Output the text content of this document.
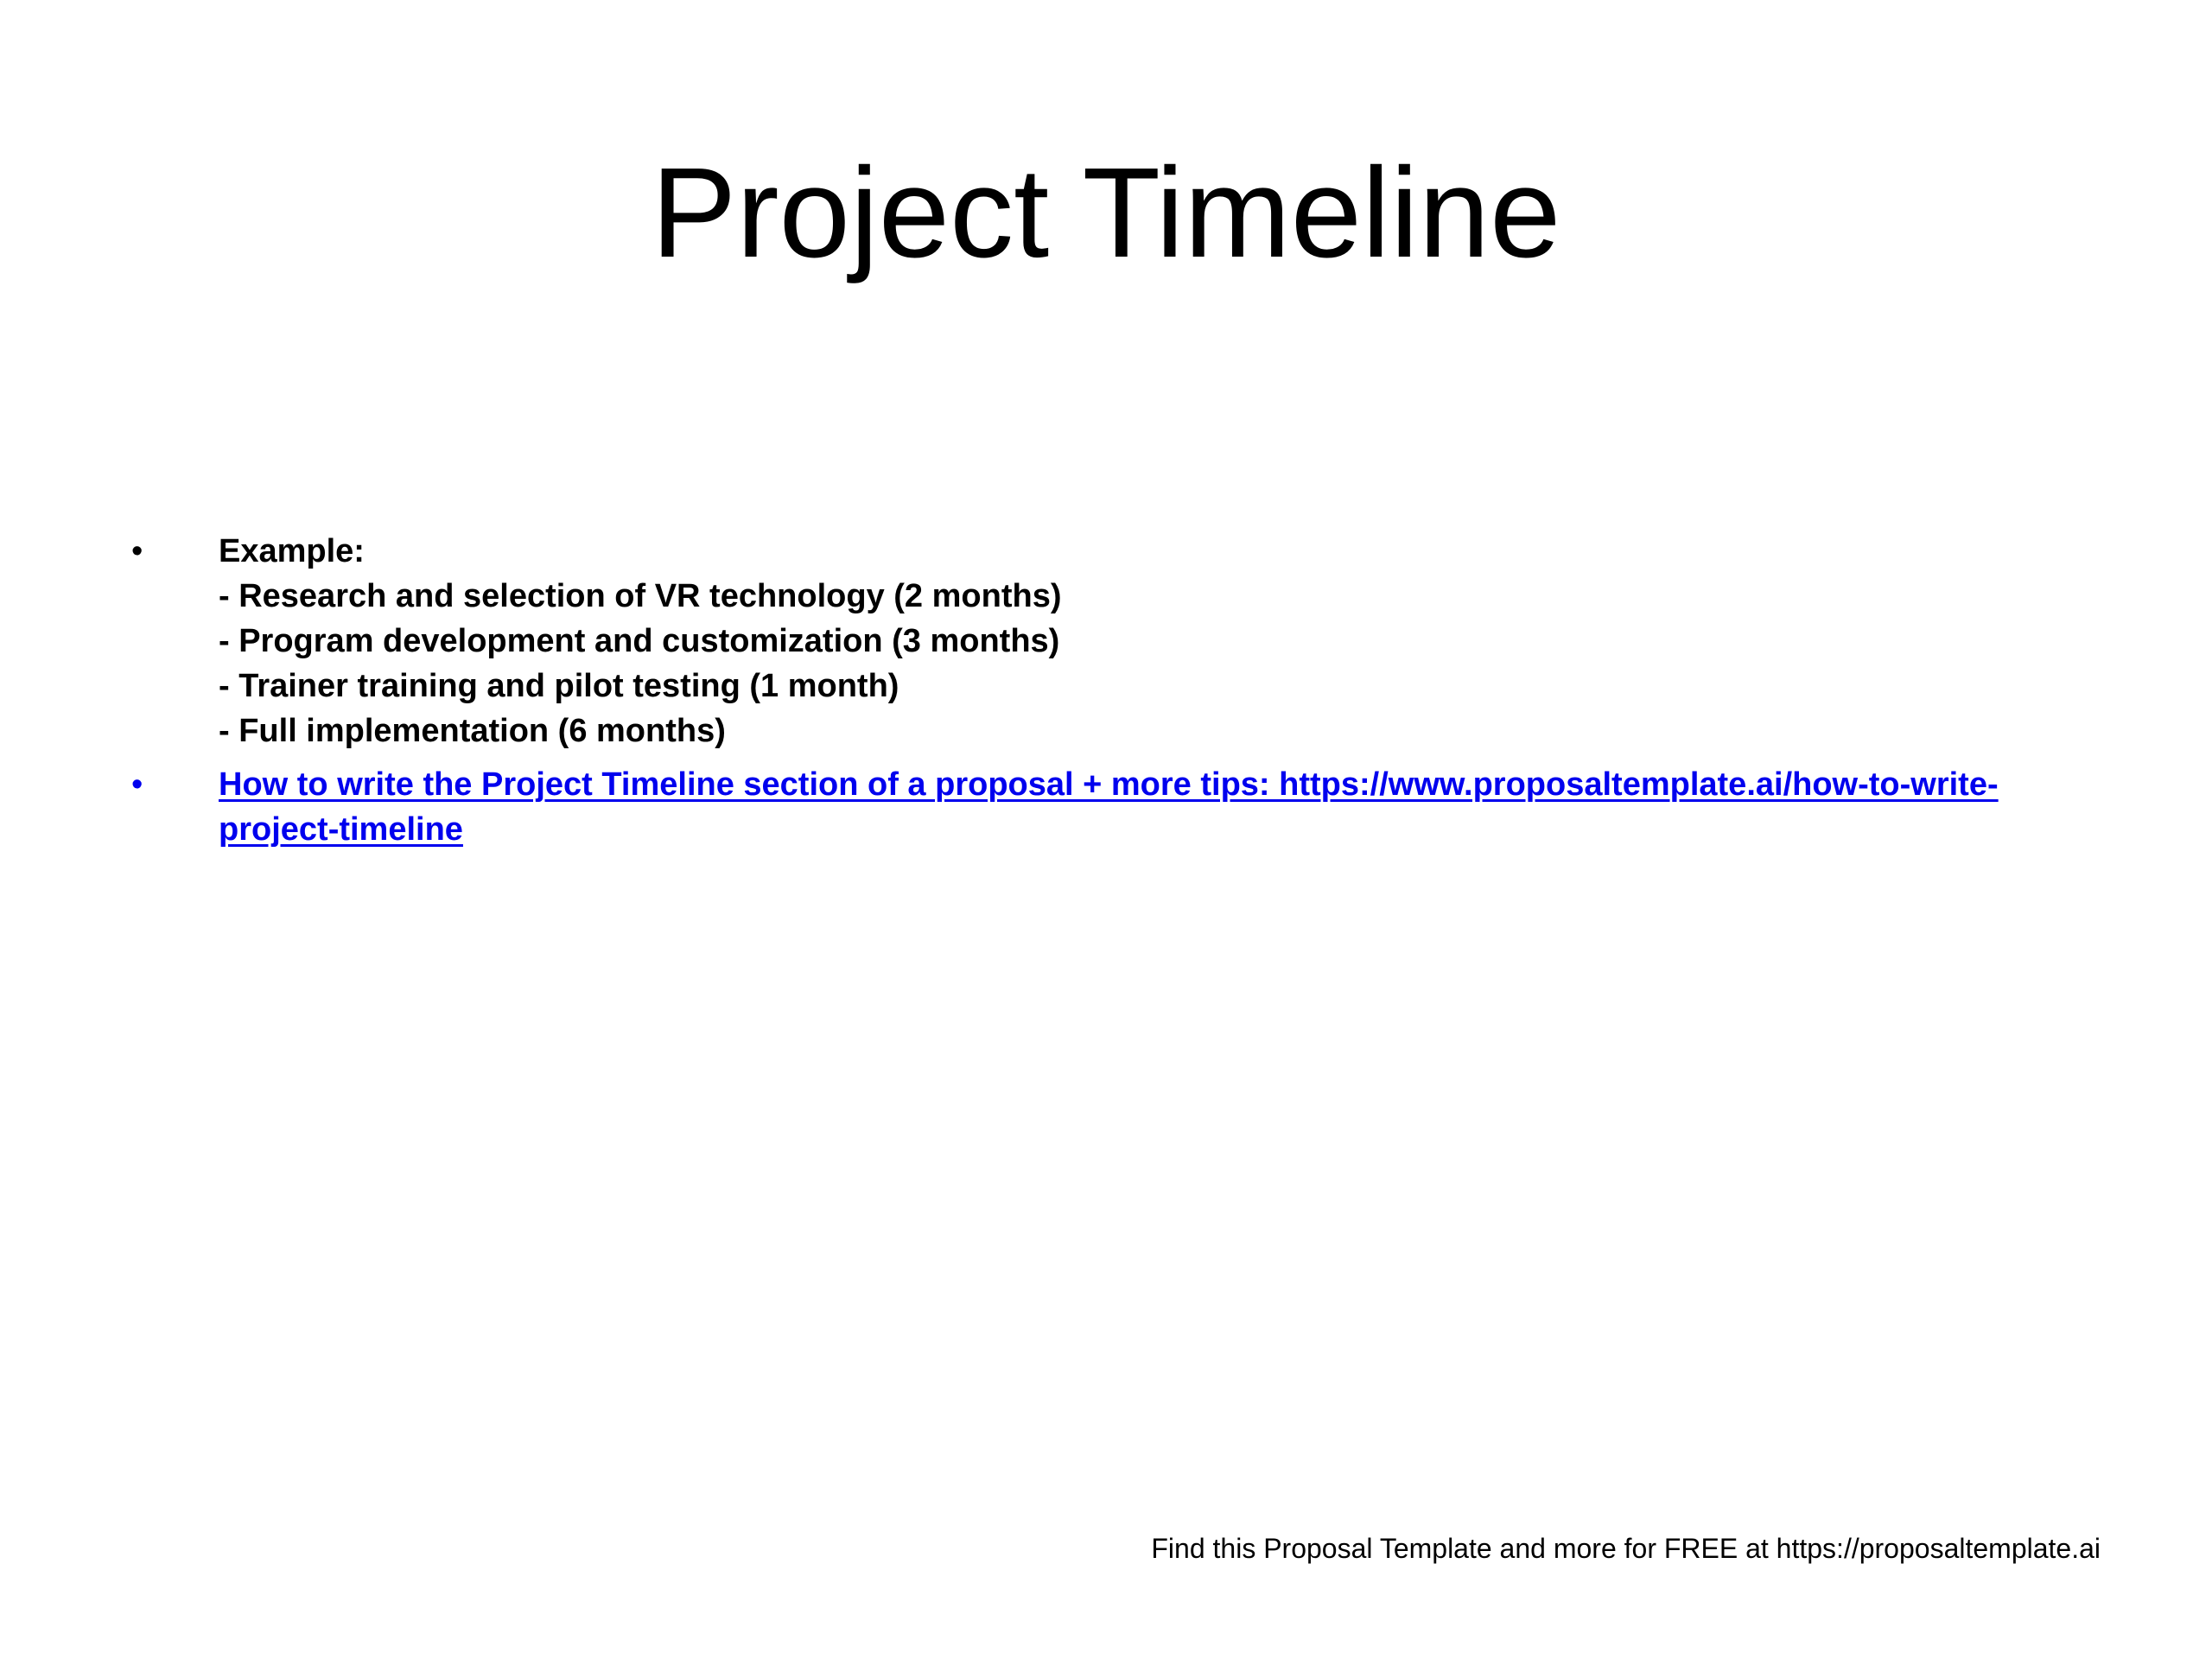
Project Timeline
•	Example:
- Research and selection of VR technology (2 months)
- Program development and customization (3 months)
- Trainer training and pilot testing (1 month)
- Full implementation (6 months)
•	How to write the Project Timeline section of a proposal + more tips: https://www.proposaltemplate.ai/how-to-write-project-timeline
Find this Proposal Template and more for FREE at https://proposaltemplate.ai
